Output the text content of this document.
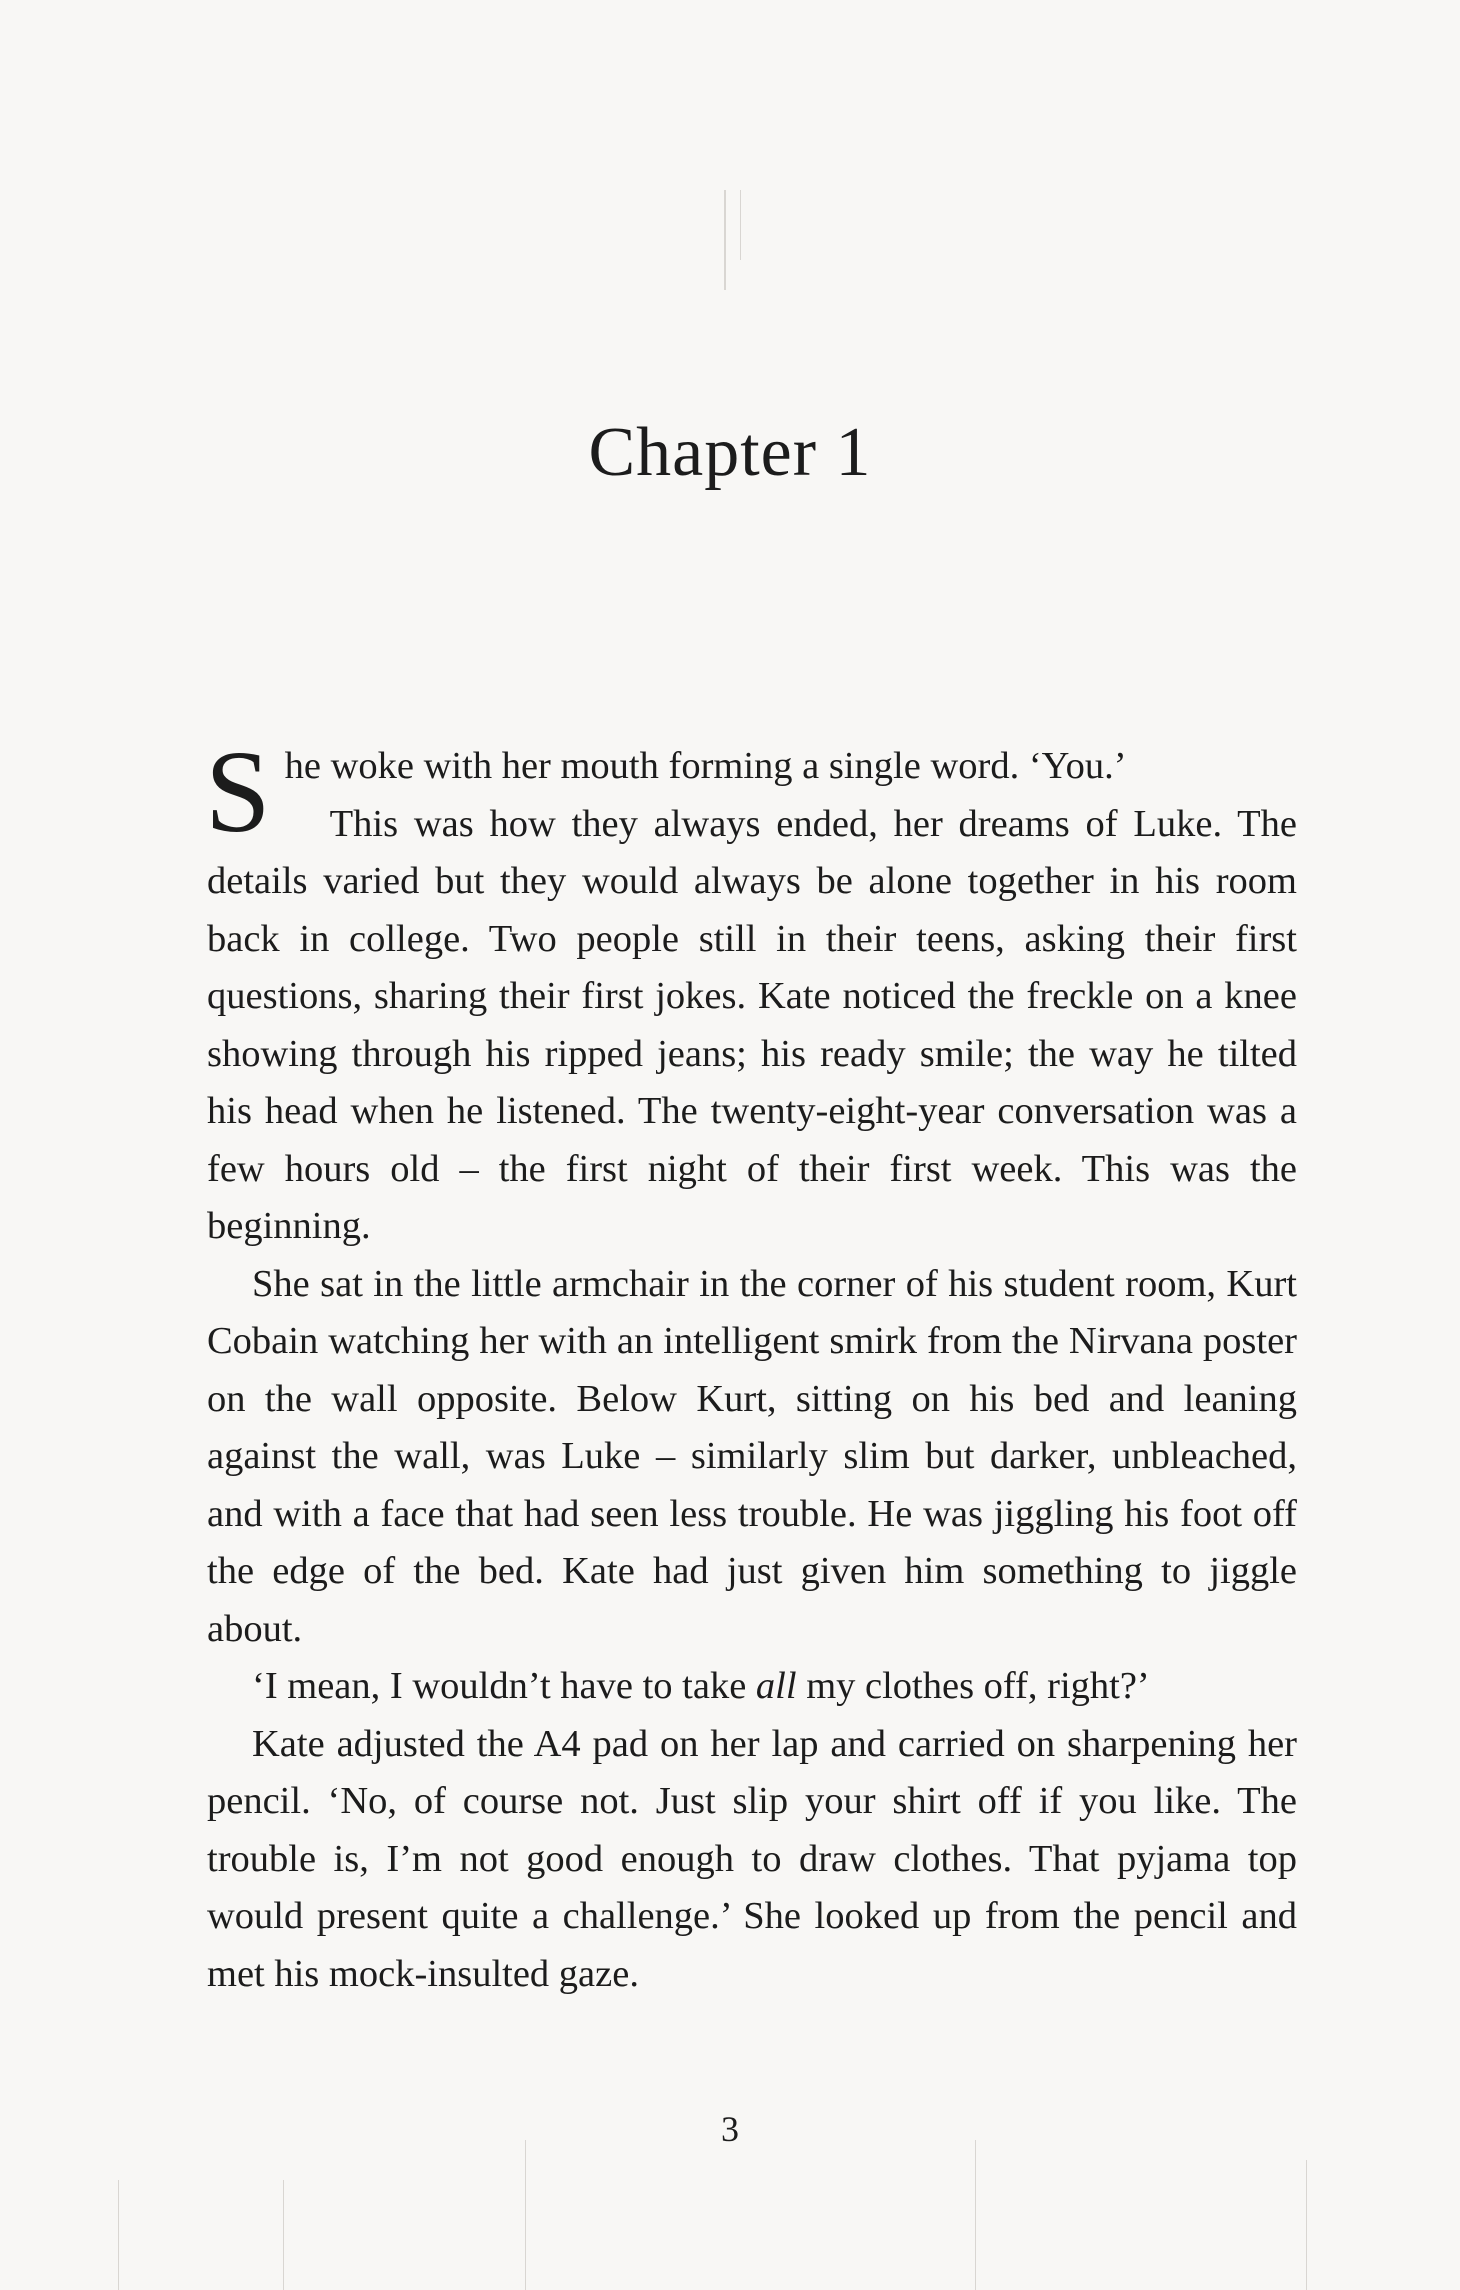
Chapter 1

She woke with her mouth forming a single word. ‘You.’

This was how they always ended, her dreams of Luke. The details varied but they would always be alone together in his room back in college. Two people still in their teens, asking their first questions, sharing their first jokes. Kate noticed the freckle on a knee showing through his ripped jeans; his ready smile; the way he tilted his head when he listened. The twenty-eight-year conversation was a few hours old – the first night of their first week. This was the beginning.

She sat in the little armchair in the corner of his student room, Kurt Cobain watching her with an intelligent smirk from the Nirvana poster on the wall opposite. Below Kurt, sitting on his bed and leaning against the wall, was Luke – similarly slim but darker, unbleached, and with a face that had seen less trouble. He was jiggling his foot off the edge of the bed. Kate had just given him something to jiggle about.

‘I mean, I wouldn’t have to take all my clothes off, right?’

Kate adjusted the A4 pad on her lap and carried on sharpening her pencil. ‘No, of course not. Just slip your shirt off if you like. The trouble is, I’m not good enough to draw clothes. That pyjama top would present quite a challenge.’ She looked up from the pencil and met his mock-insulted gaze.

3
